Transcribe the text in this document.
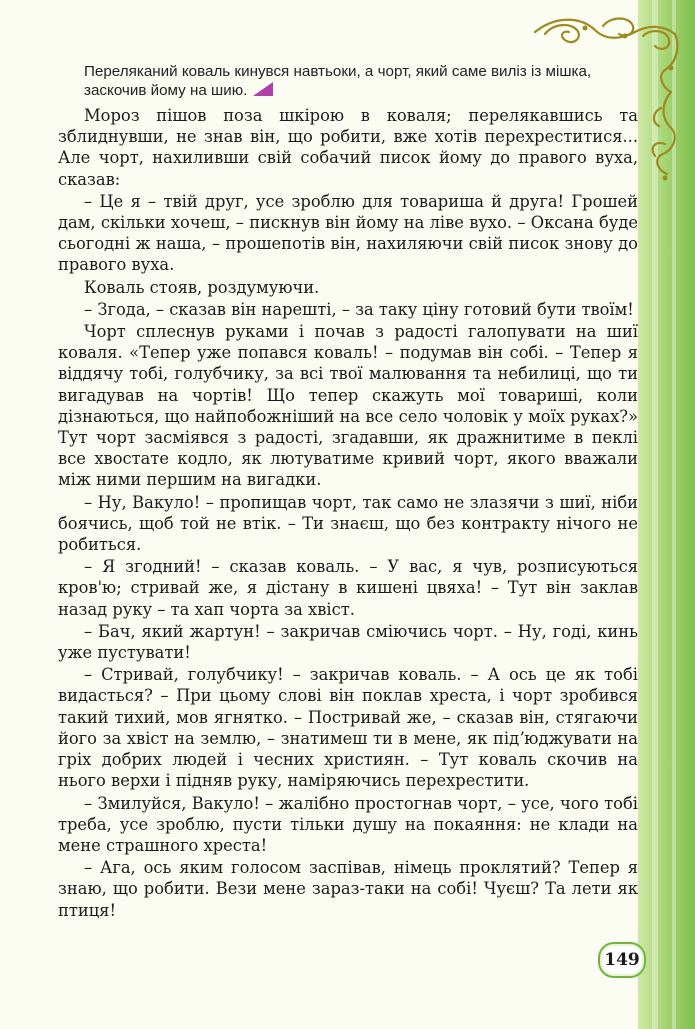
Переляканий коваль кинувся навтьоки, а чорт, який саме виліз із мішка, заскочив йому на шию.

Мороз пішов поза шкірою в коваля; перелякавшись та зблиднувши, не знав він, що робити, вже хотів перехреститися... Але чорт, нахиливши свій собачий писок йому до правого вуха, сказав:

– Це я – твій друг, усе зроблю для товариша й друга! Грошей дам, скільки хочеш, – пискнув він йому на ліве вухо. – Оксана буде сьогодні ж наша, – прошепотів він, нахиляючи свій писок знову до правого вуха.

Коваль стояв, роздумуючи.

– Згода, – сказав він нарешті, – за таку ціну готовий бути твоїм!

Чорт сплеснув руками і почав з радості галопувати на шиї коваля. «Тепер уже попався коваль! – подумав він собі. – Тепер я віддячу тобі, голубчику, за всі твої малювання та небилиці, що ти вигадував на чортів! Що тепер скажуть мої товариші, коли дізнаються, що найпобожніший на все село чоловік у моїх руках?» Тут чорт засміявся з радості, згадавши, як дражнитиме в пеклі все хвостате кодло, як лютуватиме кривий чорт, якого вважали між ними першим на вигадки.

– Ну, Вакуло! – пропищав чорт, так само не злазячи з шиї, ніби боячись, щоб той не втік. – Ти знаєш, що без контракту нічого не робиться.

– Я згодний! – сказав коваль. – У вас, я чув, розписуються кров'ю; стривай же, я дістану в кишені цвяха! – Тут він заклав назад руку – та хап чорта за хвіст.

– Бач, який жартун! – закричав сміючись чорт. – Ну, годі, кинь уже пустувати!

– Стривай, голубчику! – закричав коваль. – А ось це як тобі видасться? – При цьому слові він поклав хреста, і чорт зробився такий тихий, мов ягнятко. – Постривай же, – сказав він, стягаючи його за хвіст на землю, – знатимеш ти в мене, як підʼюджувати на гріх добрих людей і чесних християн. – Тут коваль скочив на нього верхи і підняв руку, наміряючись перехрестити.

– Змилуйся, Вакуло! – жалібно простогнав чорт, – усе, чого тобі треба, усе зроблю, пусти тільки душу на покаяння: не клади на мене страшного хреста!

– Ага, ось яким голосом заспівав, німець проклятий? Тепер я знаю, що робити. Вези мене зараз-таки на собі! Чуєш? Та лети як птиця!

149
